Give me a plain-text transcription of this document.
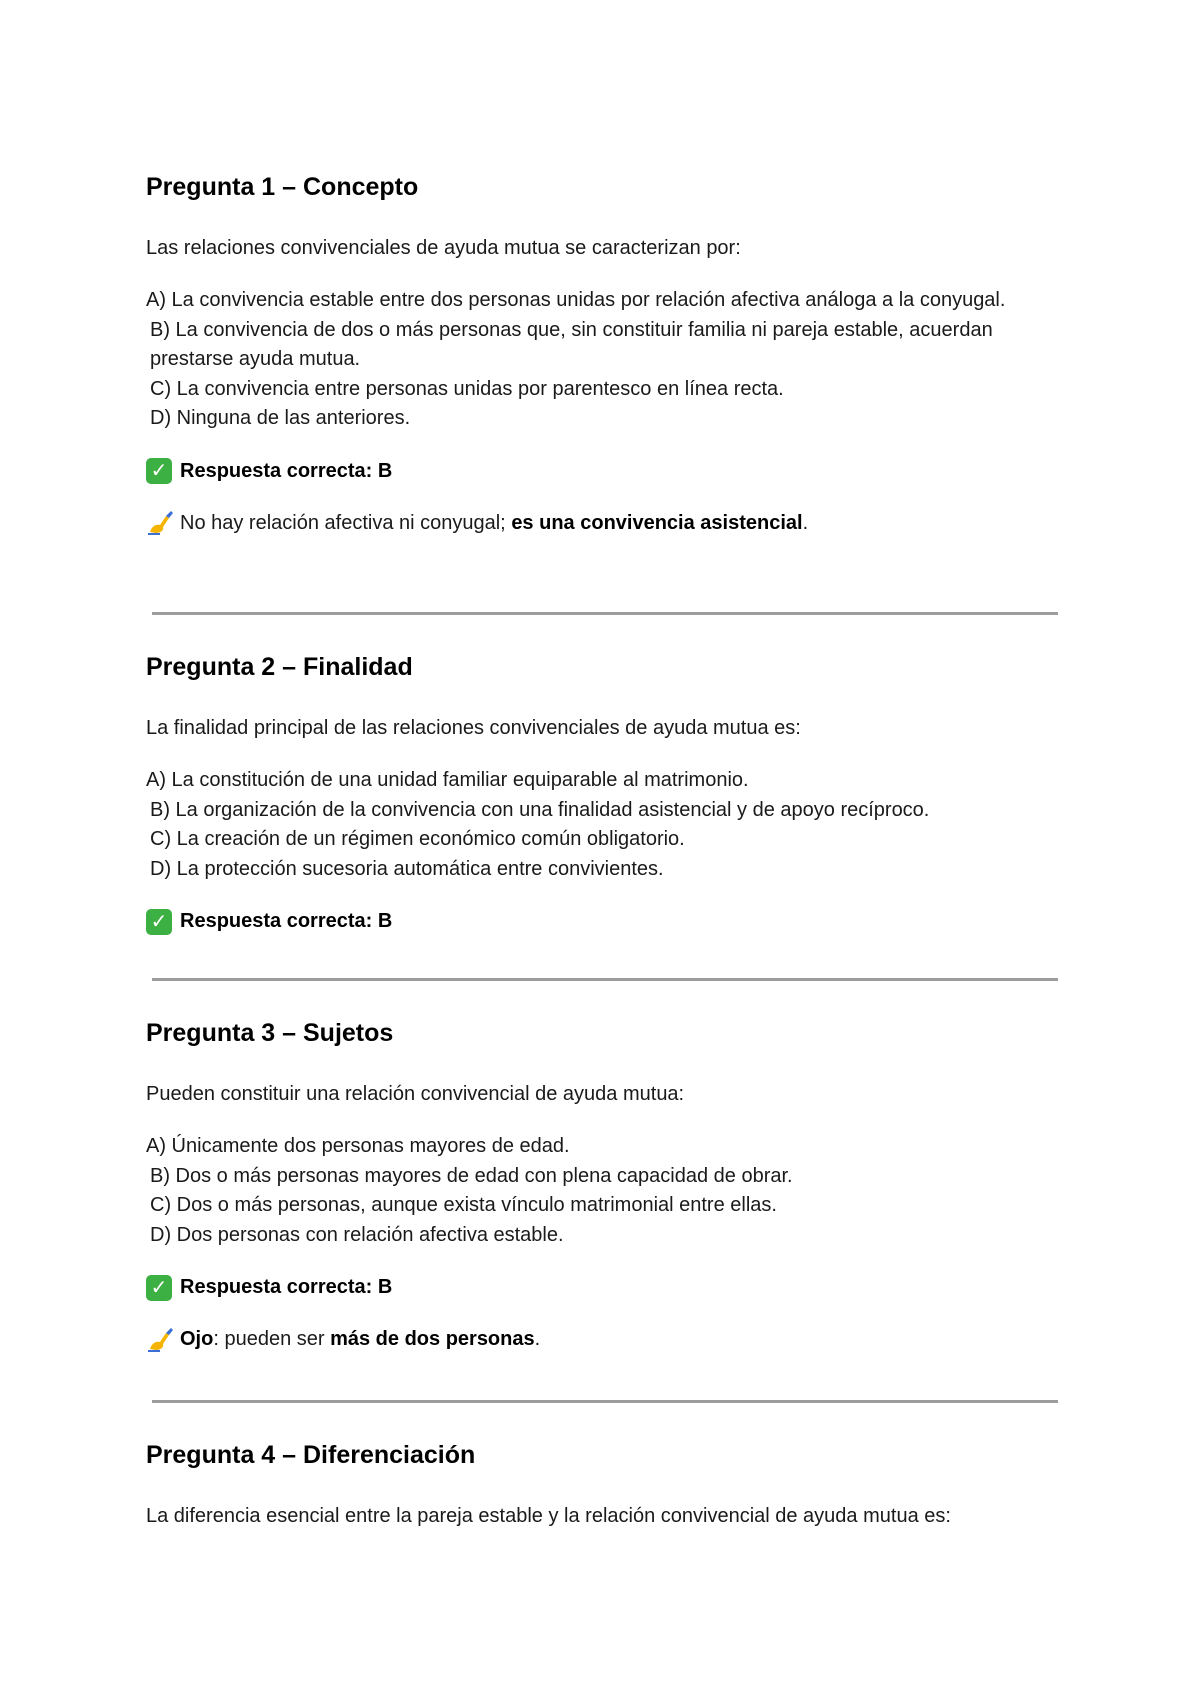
Pregunta 1 – Concepto

Las relaciones convivenciales de ayuda mutua se caracterizan por:

A) La convivencia estable entre dos personas unidas por relación afectiva análoga a la conyugal.
B) La convivencia de dos o más personas que, sin constituir familia ni pareja estable, acuerdan prestarse ayuda mutua.
C) La convivencia entre personas unidas por parentesco en línea recta.
D) Ninguna de las anteriores.
✓ Respuesta correcta: B
No hay relación afectiva ni conyugal; es una convivencia asistencial.
Pregunta 2 – Finalidad

La finalidad principal de las relaciones convivenciales de ayuda mutua es:

A) La constitución de una unidad familiar equiparable al matrimonio.
B) La organización de la convivencia con una finalidad asistencial y de apoyo recíproco.
C) La creación de un régimen económico común obligatorio.
D) La protección sucesoria automática entre convivientes.
✓ Respuesta correcta: B
Pregunta 3 – Sujetos

Pueden constituir una relación convivencial de ayuda mutua:

A) Únicamente dos personas mayores de edad.
B) Dos o más personas mayores de edad con plena capacidad de obrar.
C) Dos o más personas, aunque exista vínculo matrimonial entre ellas.
D) Dos personas con relación afectiva estable.
✓ Respuesta correcta: B
Ojo: pueden ser más de dos personas.
Pregunta 4 – Diferenciación

La diferencia esencial entre la pareja estable y la relación convivencial de ayuda mutua es:
